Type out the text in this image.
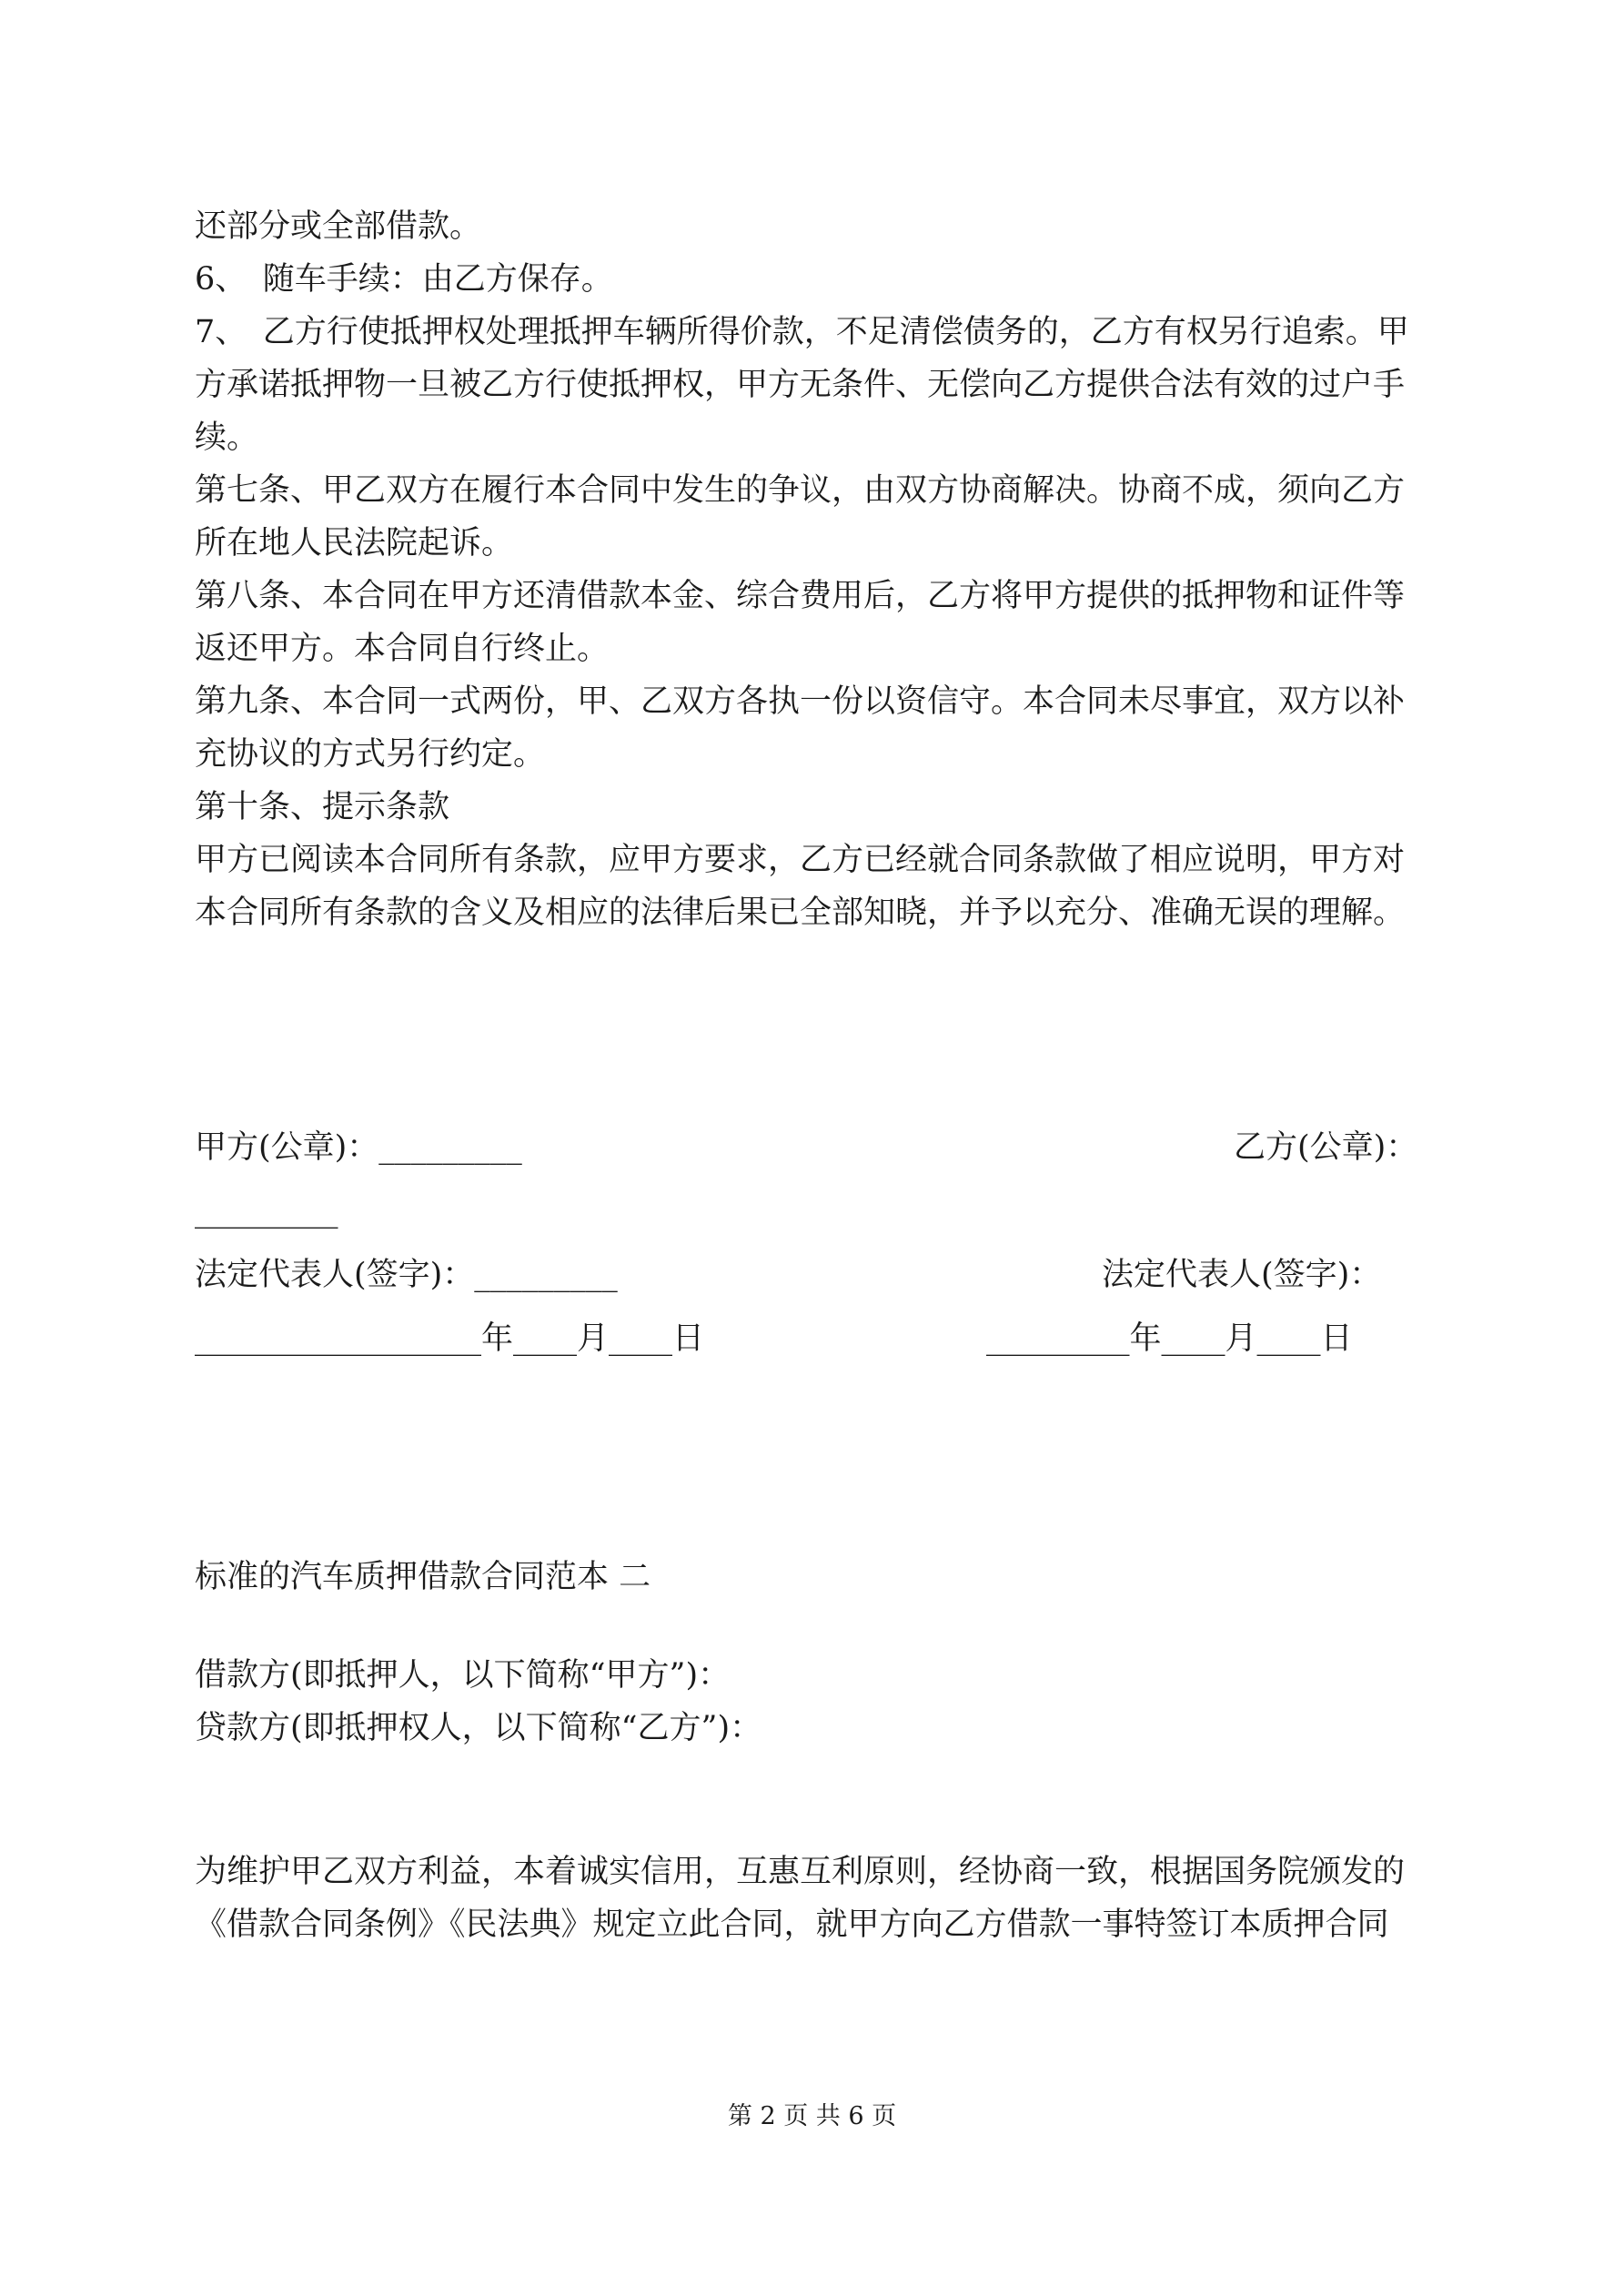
还部分或全部借款。

6、　随车手续：由乙方保存。

7、　乙方行使抵押权处理抵押车辆所得价款，不足清偿债务的，乙方有权另行追索。甲方承诺抵押物一旦被乙方行使抵押权，甲方无条件、无偿向乙方提供合法有效的过户手续。

第七条、甲乙双方在履行本合同中发生的争议，由双方协商解决。协商不成，须向乙方所在地人民法院起诉。

第八条、本合同在甲方还清借款本金、综合费用后，乙方将甲方提供的抵押物和证件等返还甲方。本合同自行终止。

第九条、本合同一式两份，甲、乙双方各执一份以资信守。本合同未尽事宜，双方以补充协议的方式另行约定。

第十条、提示条款

甲方已阅读本合同所有条款，应甲方要求，乙方已经就合同条款做了相应说明，甲方对本合同所有条款的含义及相应的法律后果已全部知晓，并予以充分、准确无误的理解。

甲方(公章)：_________	乙方(公章)：
_________
法定代表人(签字)：_________	法定代表人(签字)：
__________________年____月____日	_________年____月____日

标准的汽车质押借款合同范本 二

借款方(即抵押人，以下简称“甲方”)：

贷款方(即抵押权人，以下简称“乙方”)：

为维护甲乙双方利益，本着诚实信用，互惠互利原则，经协商一致，根据国务院颁发的《借款合同条例》《民法典》规定立此合同，就甲方向乙方借款一事特签订本质押合同

第 2 页 共 6 页
